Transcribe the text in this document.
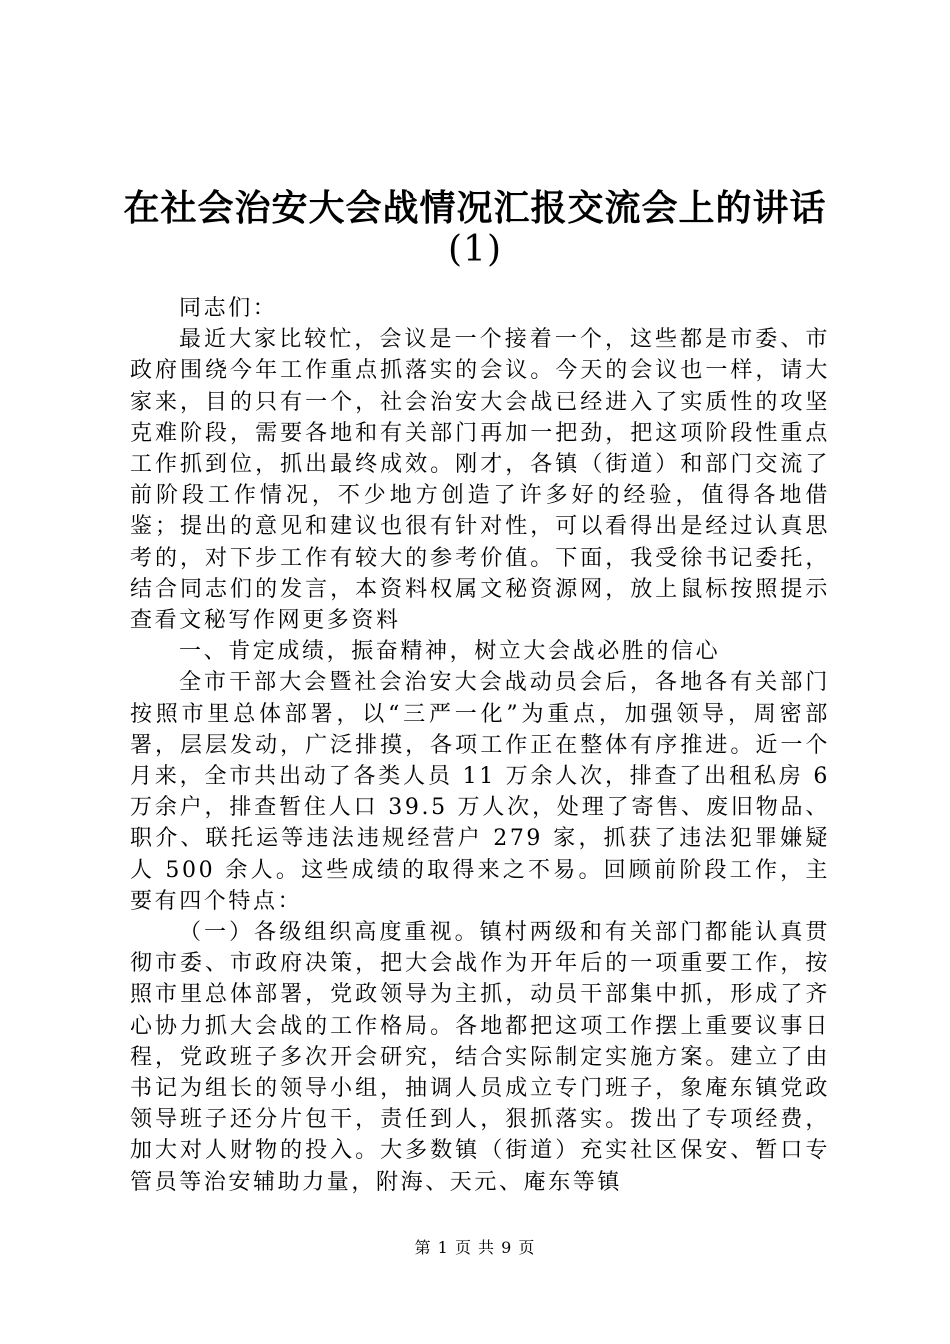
在社会治安大会战情况汇报交流会上的讲话
(1)

同志们：

最近大家比较忙，会议是一个接着一个，这些都是市委、市政府围绕今年工作重点抓落实的会议。今天的会议也一样，请大家来，目的只有一个，社会治安大会战已经进入了实质性的攻坚克难阶段，需要各地和有关部门再加一把劲，把这项阶段性重点工作抓到位，抓出最终成效。刚才，各镇（街道）和部门交流了前阶段工作情况，不少地方创造了许多好的经验，值得各地借鉴；提出的意见和建议也很有针对性，可以看得出是经过认真思考的，对下步工作有较大的参考价值。下面，我受徐书记委托，结合同志们的发言，本资料权属文秘资源网，放上鼠标按照提示查看文秘写作网更多资料

一、肯定成绩，振奋精神，树立大会战必胜的信心

全市干部大会暨社会治安大会战动员会后，各地各有关部门按照市里总体部署，以“三严一化”为重点，加强领导，周密部署，层层发动，广泛排摸，各项工作正在整体有序推进。近一个月来，全市共出动了各类人员 11 万余人次，排查了出租私房 6 万余户，排查暂住人口 39.5 万人次，处理了寄售、废旧物品、职介、联托运等违法违规经营户 279 家，抓获了违法犯罪嫌疑人 500 余人。这些成绩的取得来之不易。回顾前阶段工作，主要有四个特点：

（一）各级组织高度重视。镇村两级和有关部门都能认真贯彻市委、市政府决策，把大会战作为开年后的一项重要工作，按照市里总体部署，党政领导为主抓，动员干部集中抓，形成了齐心协力抓大会战的工作格局。各地都把这项工作摆上重要议事日程，党政班子多次开会研究，结合实际制定实施方案。建立了由书记为组长的领导小组，抽调人员成立专门班子，象庵东镇党政领导班子还分片包干，责任到人，狠抓落实。拨出了专项经费，加大对人财物的投入。大多数镇（街道）充实社区保安、暂口专管员等治安辅助力量，附海、天元、庵东等镇

第 1 页 共 9 页
